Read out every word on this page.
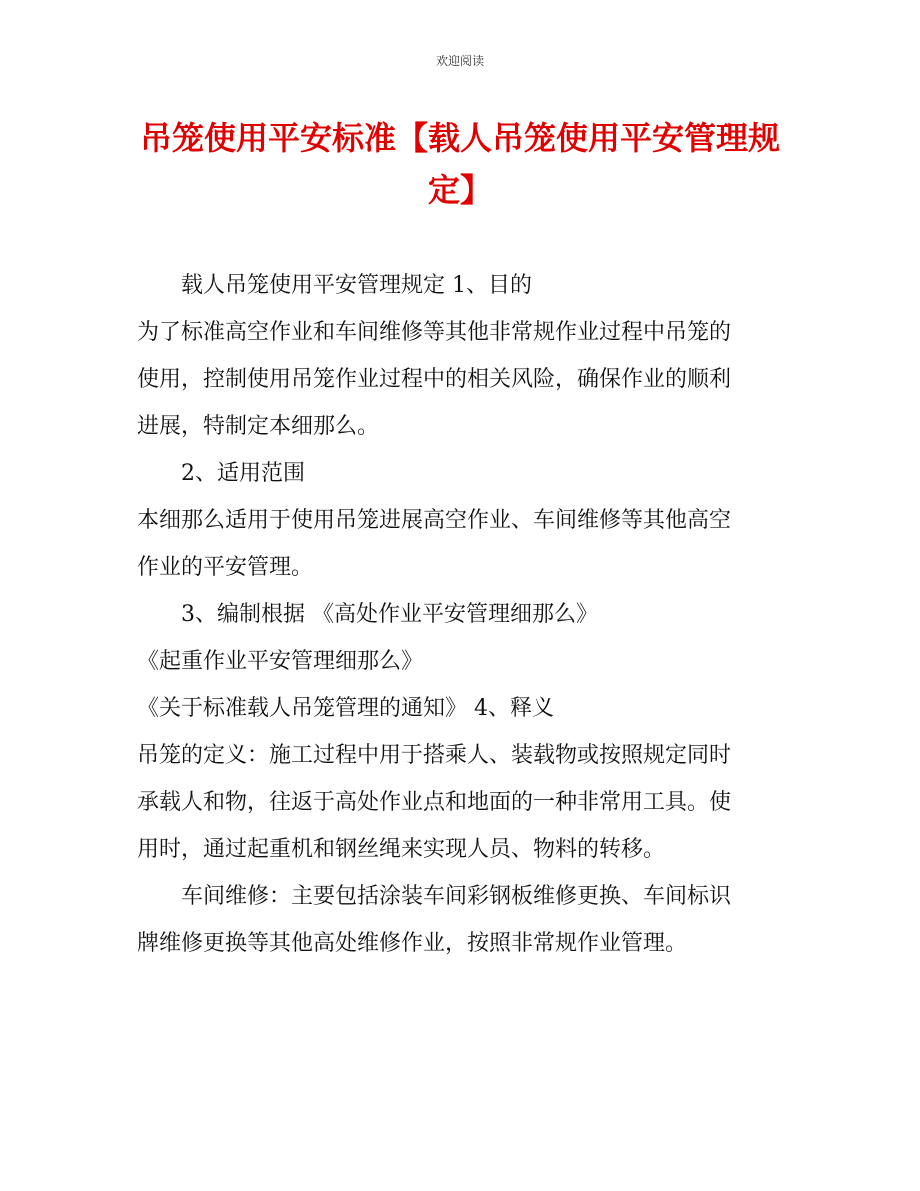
欢迎阅读
吊笼使用平安标准【载人吊笼使用平安管理规
定】

载人吊笼使用平安管理规定 1、目的

为了标准高空作业和车间维修等其他非常规作业过程中吊笼的

使用，控制使用吊笼作业过程中的相关风险，确保作业的顺利

进展，特制定本细那么。

2、适用范围

本细那么适用于使用吊笼进展高空作业、车间维修等其他高空

作业的平安管理。

3、编制根据 《高处作业平安管理细那么》

《起重作业平安管理细那么》

《关于标准载人吊笼管理的通知》 4、释义

吊笼的定义：施工过程中用于搭乘人、装载物或按照规定同时

承载人和物，往返于高处作业点和地面的一种非常用工具。使

用时，通过起重机和钢丝绳来实现人员、物料的转移。

车间维修：主要包括涂装车间彩钢板维修更换、车间标识

牌维修更换等其他高处维修作业，按照非常规作业管理。
